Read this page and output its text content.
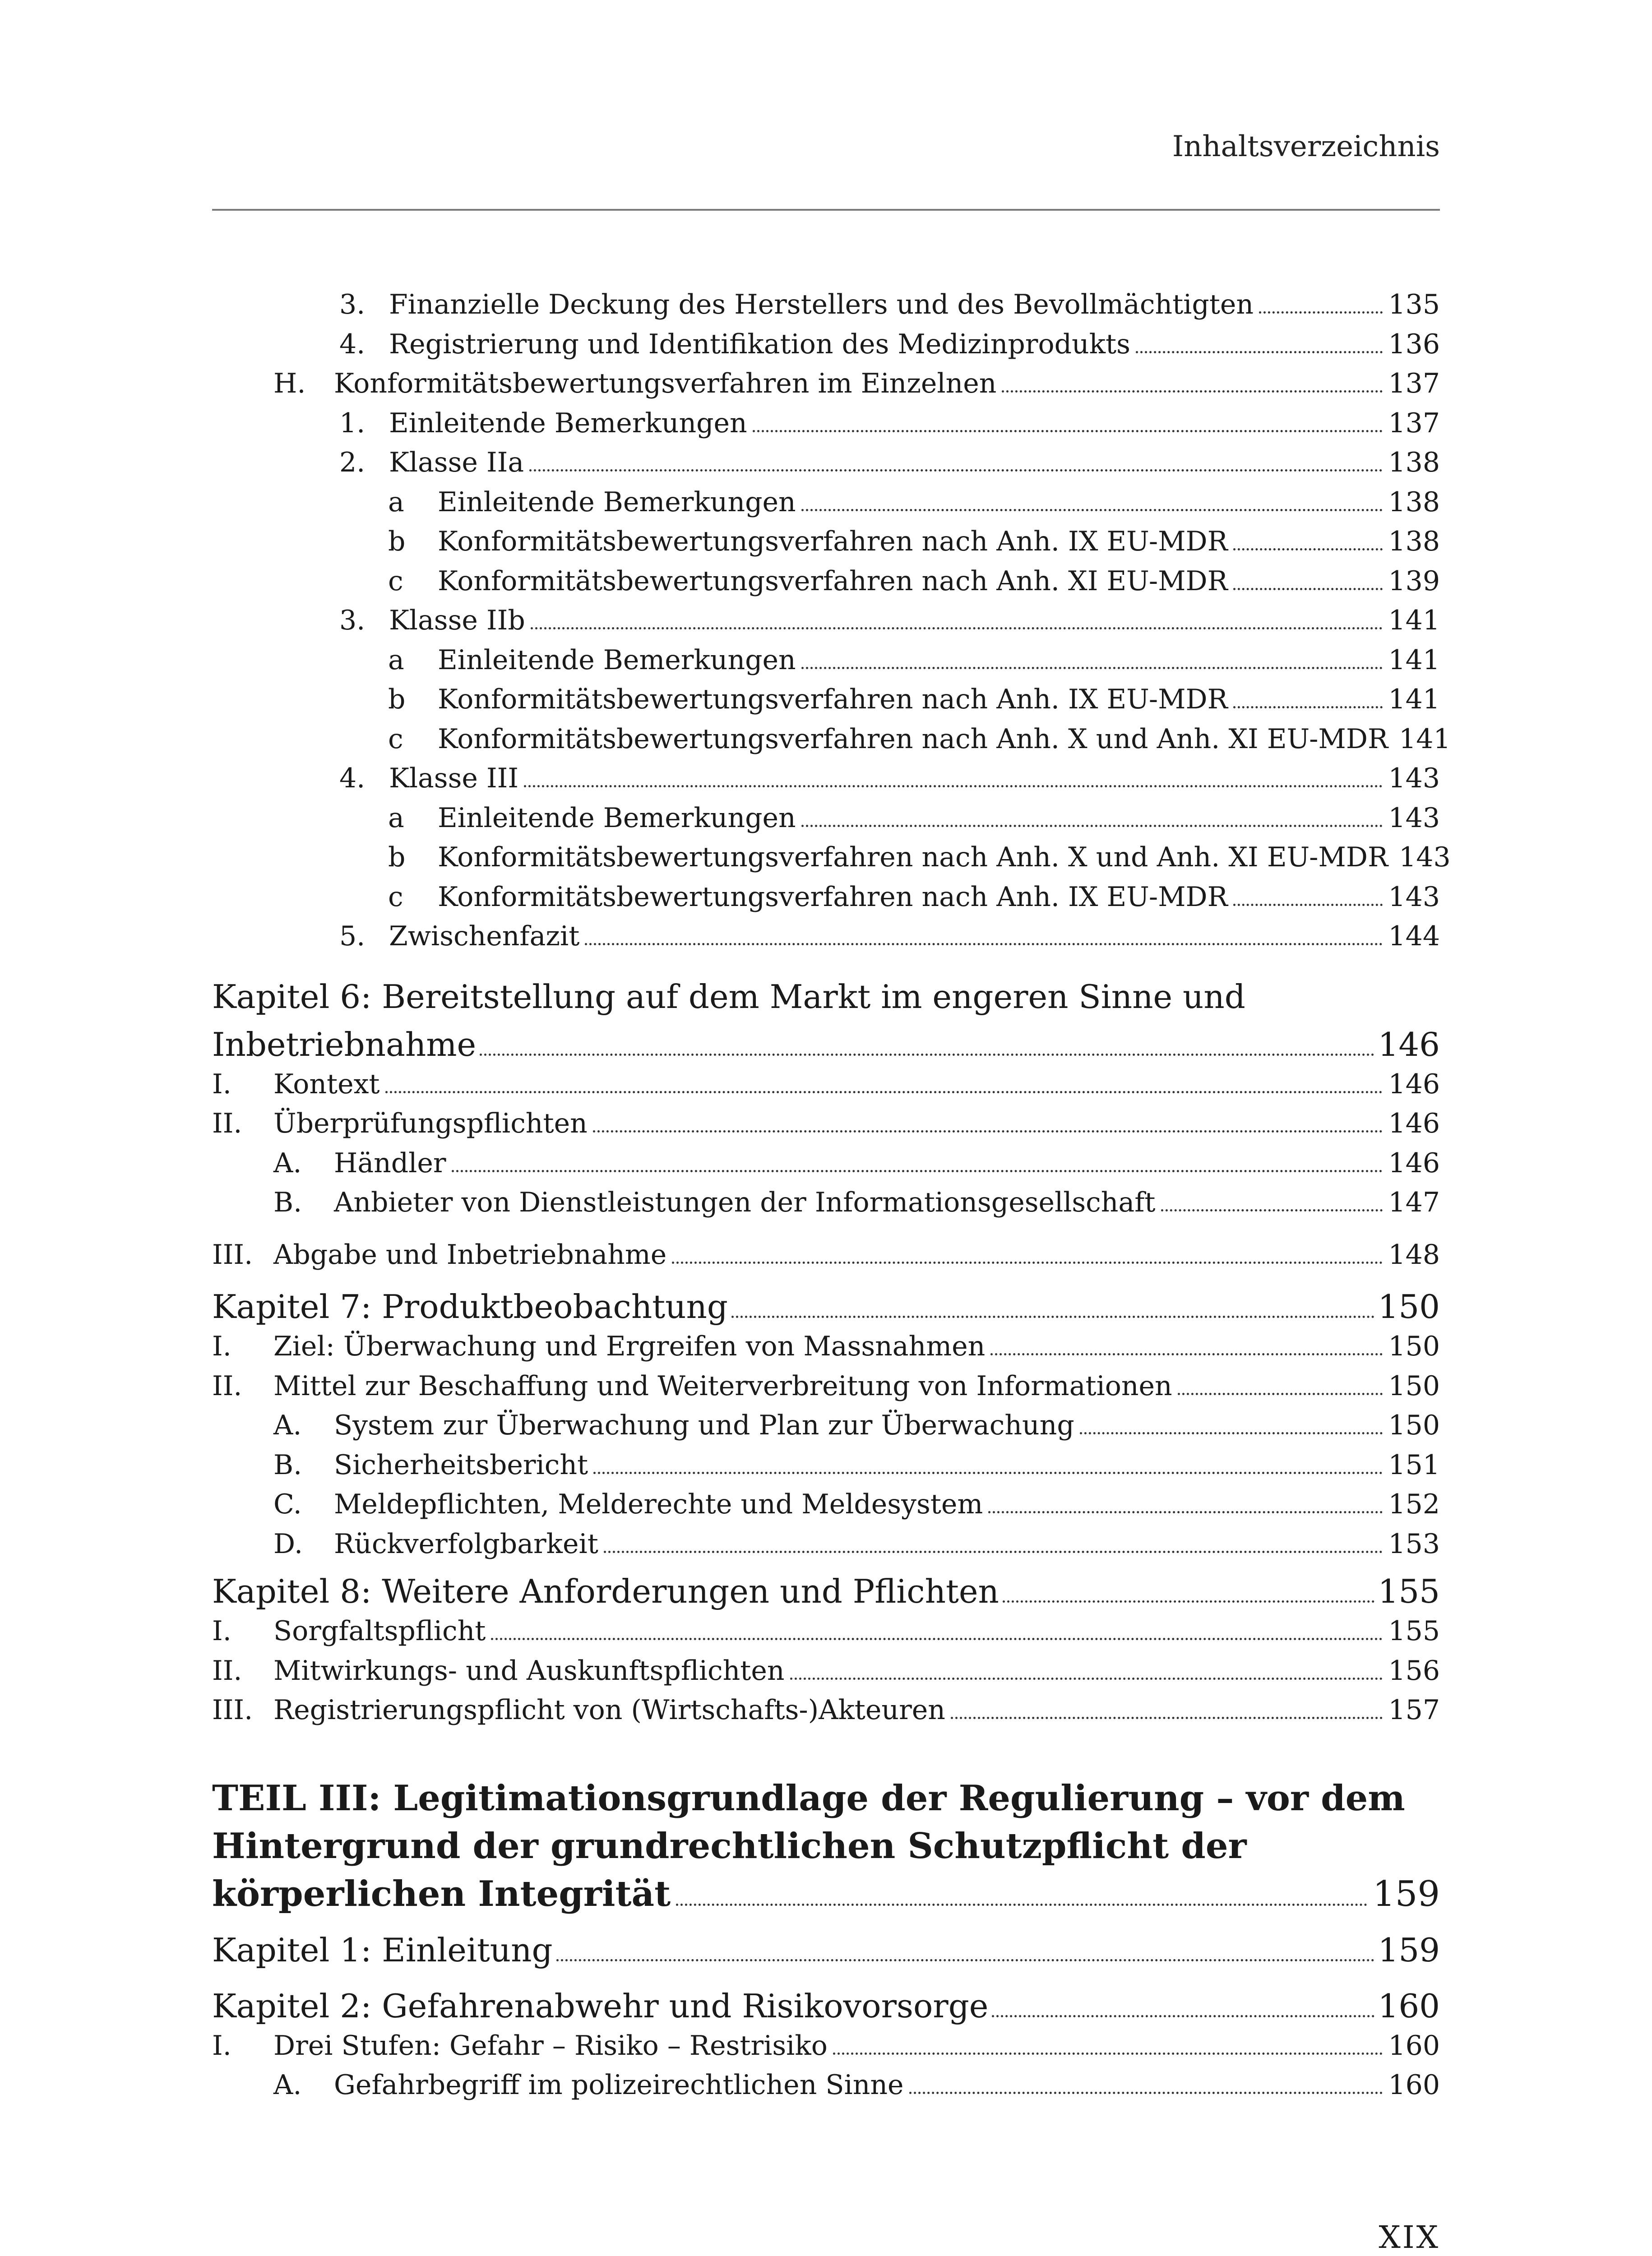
Inhaltsverzeichnis
3. Finanzielle Deckung des Herstellers und des Bevollmächtigten	135
4. Registrierung und Identifikation des Medizinprodukts	136
H. Konformitätsbewertungsverfahren im Einzelnen	137
1. Einleitende Bemerkungen	137
2. Klasse IIa	138
a Einleitende Bemerkungen	138
b Konformitätsbewertungsverfahren nach Anh. IX EU-MDR	138
c Konformitätsbewertungsverfahren nach Anh. XI EU-MDR	139
3. Klasse IIb	141
a Einleitende Bemerkungen	141
b Konformitätsbewertungsverfahren nach Anh. IX EU-MDR	141
c Konformitätsbewertungsverfahren nach Anh. X und Anh. XI EU-MDR 141
4. Klasse III	143
a Einleitende Bemerkungen	143
b Konformitätsbewertungsverfahren nach Anh. X und Anh. XI EU-MDR 143
c Konformitätsbewertungsverfahren nach Anh. IX EU-MDR	143
5. Zwischenfazit	144
Kapitel 6: Bereitstellung auf dem Markt im engeren Sinne und
Inbetriebnahme	146
I. Kontext	146
II. Überprüfungspflichten	146
A. Händler	146
B. Anbieter von Dienstleistungen der Informationsgesellschaft	147
III. Abgabe und Inbetriebnahme	148
Kapitel 7: Produktbeobachtung	150
I. Ziel: Überwachung und Ergreifen von Massnahmen	150
II. Mittel zur Beschaffung und Weiterverbreitung von Informationen	150
A. System zur Überwachung und Plan zur Überwachung	150
B. Sicherheitsbericht	151
C. Meldepflichten, Melderechte und Meldesystem	152
D. Rückverfolgbarkeit	153
Kapitel 8: Weitere Anforderungen und Pflichten	155
I. Sorgfaltspflicht	155
II. Mitwirkungs- und Auskunftspflichten	156
III. Registrierungspflicht von (Wirtschafts-)Akteuren	157
TEIL III: Legitimationsgrundlage der Regulierung – vor dem
Hintergrund der grundrechtlichen Schutzpflicht der
körperlichen Integrität	159
Kapitel 1: Einleitung	159
Kapitel 2: Gefahrenabwehr und Risikovorsorge	160
I. Drei Stufen: Gefahr – Risiko – Restrisiko	160
A. Gefahrbegriff im polizeirechtlichen Sinne	160
XIX
